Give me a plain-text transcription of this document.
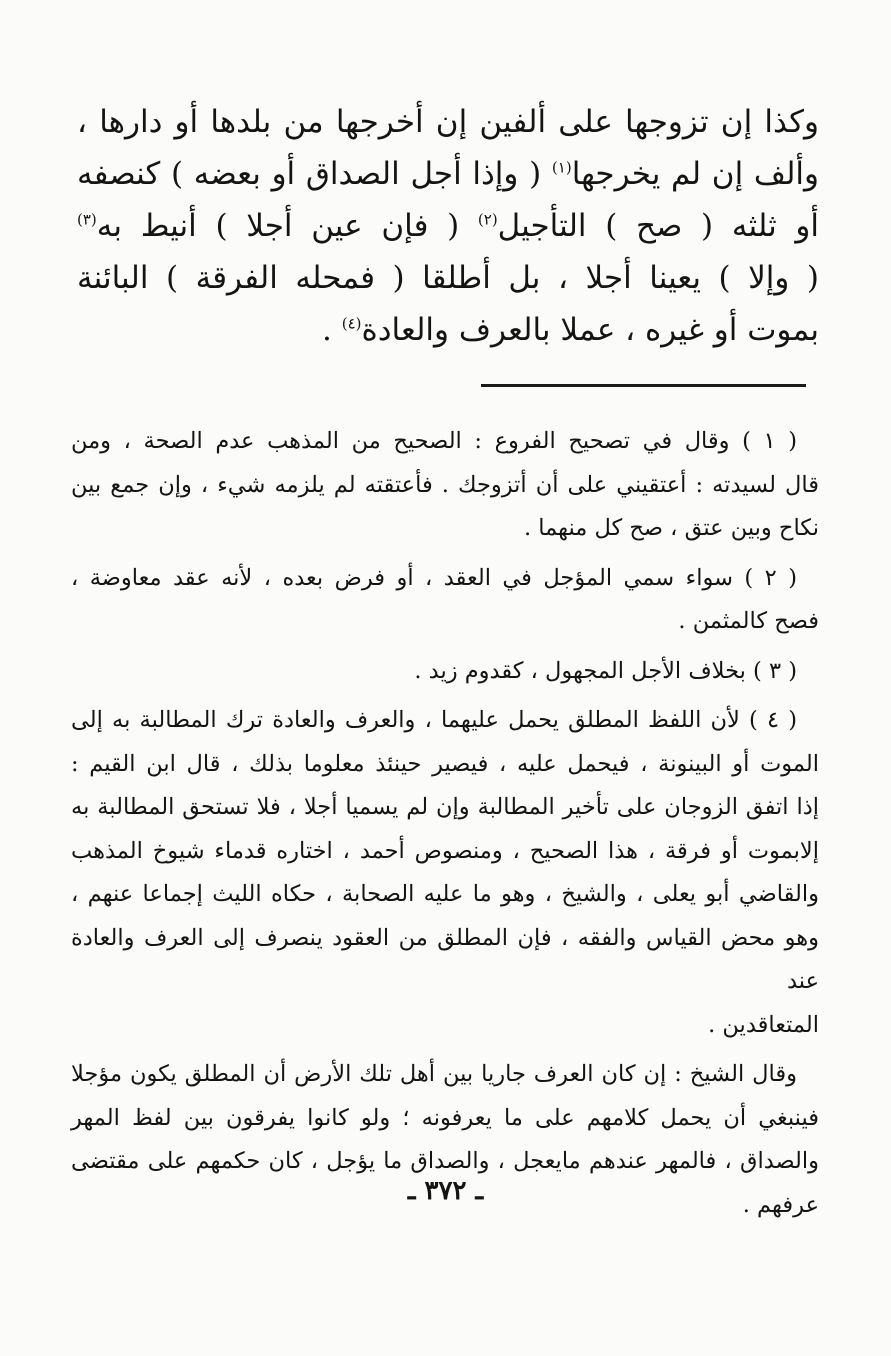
وكذا إن تزوجها على ألفين إن أخرجها من بلدها أو دارها ،
وألف إن لم يخرجها$^{(١)}$ ( وإذا أجل الصداق أو بعضه ) كنصفه
أو ثلثه ( صح ) التأجيل$^{(٢)}$ ( فإن عين أجلا ) أنيط به$^{(٣)}$
( وإلا ) يعينا أجلا ، بل أطلقا ( فمحله الفرقة ) البائنة
بموت أو غيره ، عملا بالعرف والعادة$^{(٤)}$ .
( ١ ) وقال في تصحيح الفروع : الصحيح من المذهب عدم الصحة ، ومن
قال لسيدته : أعتقيني على أن أتزوجك . فأعتقته لم يلزمه شيء ، وإن جمع بين
نكاح وبين عتق ، صح كل منهما .
( ٢ ) سواء سمي المؤجل في العقد ، أو فرض بعده ، لأنه عقد معاوضة ،
فصح كالمثمن .
( ٣ ) بخلاف الأجل المجهول ، كقدوم زيد .
( ٤ ) لأن اللفظ المطلق يحمل عليهما ، والعرف والعادة ترك المطالبة به إلى
الموت أو البينونة ، فيحمل عليه ، فيصير حينئذ معلوما بذلك ، قال ابن القيم :
إذا اتفق الزوجان على تأخير المطالبة وإن لم يسميا أجلا ، فلا تستحق المطالبة به
إلابموت أو فرقة ، هذا الصحيح ، ومنصوص أحمد ، اختاره قدماء شيوخ المذهب
والقاضي أبو يعلى ، والشيخ ، وهو ما عليه الصحابة ، حكاه الليث إجماعا عنهم ،
وهو محض القياس والفقه ، فإن المطلق من العقود ينصرف إلى العرف والعادة عند
المتعاقدين .
وقال الشيخ : إن كان العرف جاريا بين أهل تلك الأرض أن المطلق يكون مؤجلا
فينبغي أن يحمل كلامهم على ما يعرفونه ؛ ولو كانوا يفرقون بين لفظ المهر
والصداق ، فالمهر عندهم مايعجل ، والصداق ما يؤجل ، كان حكمهم على مقتضى
عرفهم .
ـ ٣٧٢ ـ
